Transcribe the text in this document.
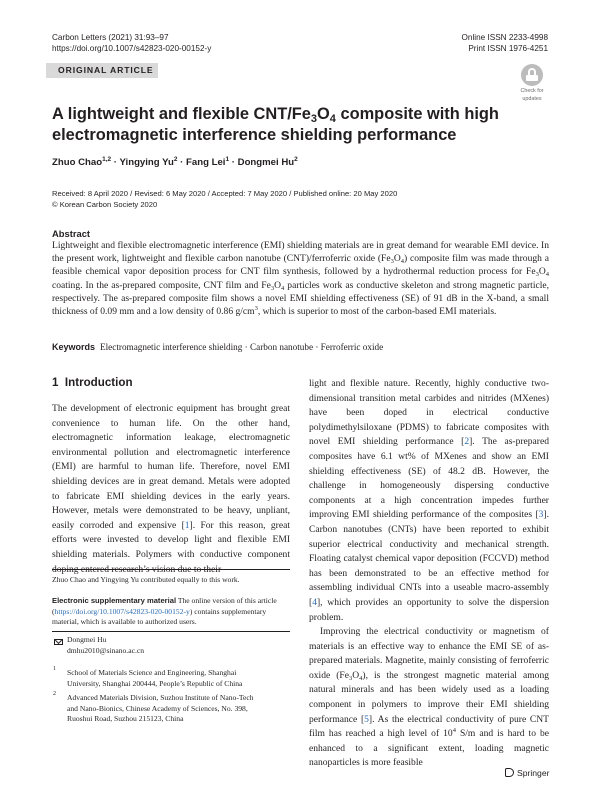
Carbon Letters (2021) 31:93–97
https://doi.org/10.1007/s42823-020-00152-y
Online ISSN 2233-4998
Print ISSN 1976-4251
ORIGINAL ARTICLE
Check for
updates
A lightweight and flexible CNT/$Fe_3O_4$ composite with high
electromagnetic interference shielding performance
Zhuo Chao$^{1,2}$ · Yingying $Yu^2$ · Fang Lei$^1$ · Dongmei Hu$^2$
Received: 8 April 2020 / Revised: 6 May 2020 / Accepted: 7 May 2020 / Published online: 20 May 2020
© Korean Carbon Society 2020
Abstract
Lightweight and flexible electromagnetic interference (EMI) shielding materials are in great demand for wearable EMI device. In the present work, lightweight and flexible carbon nanotube (CNT)/ferroferric oxide $(Fe_3O_4)$ composite film was made through a feasible chemical vapor deposition process for CNT film synthesis, followed by a hydrothermal reduction process for $Fe_3O_4$ coating. In the as-prepared composite, CNT film and $Fe_3O_4$ particles work as conductive skeleton and strong magnetic particle, respectively. The as-prepared composite film shows a novel EMI shielding effectiveness (SE) of 91 dB in the X-band, a small thickness of 0.09 mm and a low density of 0.86 $g/cm^3$, which is superior to most of the carbon-based EMI materials.
Keywords Electromagnetic interference shielding · Carbon nanotube · Ferroferric oxide
1 Introduction

The development of electronic equipment has brought great convenience to human life. On the other hand, electromagnetic information leakage, electromagnetic environmental pollution and electromagnetic interference (EMI) are harmful to human life. Therefore, novel EMI shielding devices are in great demand. Metals were adopted to fabricate EMI shielding devices in the early years. However, metals were demonstrated to be heavy, unpliant, easily corroded and expensive [1]. For this reason, great efforts were invested to develop light and flexible EMI shielding materials. Polymers with conductive component doping entered research’s vision due to their

Zhuo Chao and Yingying Yu contributed equally to this work.
Electronic supplementary material The online version of this article (https://doi.org/10.1007/s42823-020-00152-y) contains supplementary material, which is available to authorized users.
Dongmei Hu
dmhu2010@sinano.ac.cn
1 School of Materials Science and Engineering, Shanghai
University, Shanghai 200444, People’s Republic of China
2 Advanced Materials Division, Suzhou Institute of Nano-Tech
and Nano-Bionics, Chinese Academy of Sciences, No. 398,
Ruoshui Road, Suzhou 215123, China

light and flexible nature. Recently, highly conductive two-dimensional transition metal carbides and nitrides (MXenes) have been doped in electrical conductive polydimethylsiloxane (PDMS) to fabricate composites with novel EMI shielding performance [2]. The as-prepared composites have 6.1 wt% of MXenes and show an EMI shielding effectiveness (SE) of 48.2 dB. However, the challenge in homogeneously dispersing conductive components at a high concentration impedes further improving EMI shielding performance of the composites [3]. Carbon nanotubes (CNTs) have been reported to exhibit superior electrical conductivity and mechanical strength. Floating catalyst chemical vapor deposition (FCCVD) method has been demonstrated to be an effective method for assembling individual CNTs into a useable macro-assembly [4], which provides an opportunity to solve the dispersion problem.

Improving the electrical conductivity or magnetism of materials is an effective way to enhance the EMI SE of as-prepared materials. Magnetite, mainly consisting of ferroferric oxide $(Fe_3O_4)$, is the strongest magnetic material among natural minerals and has been widely used as a loading component in polymers to improve their EMI shielding performance [5]. As the electrical conductivity of pure CNT film has reached a high level of $10^4$ S/m and is hard to be enhanced to a significant extent, loading magnetic nanoparticles is more feasible

Springer
